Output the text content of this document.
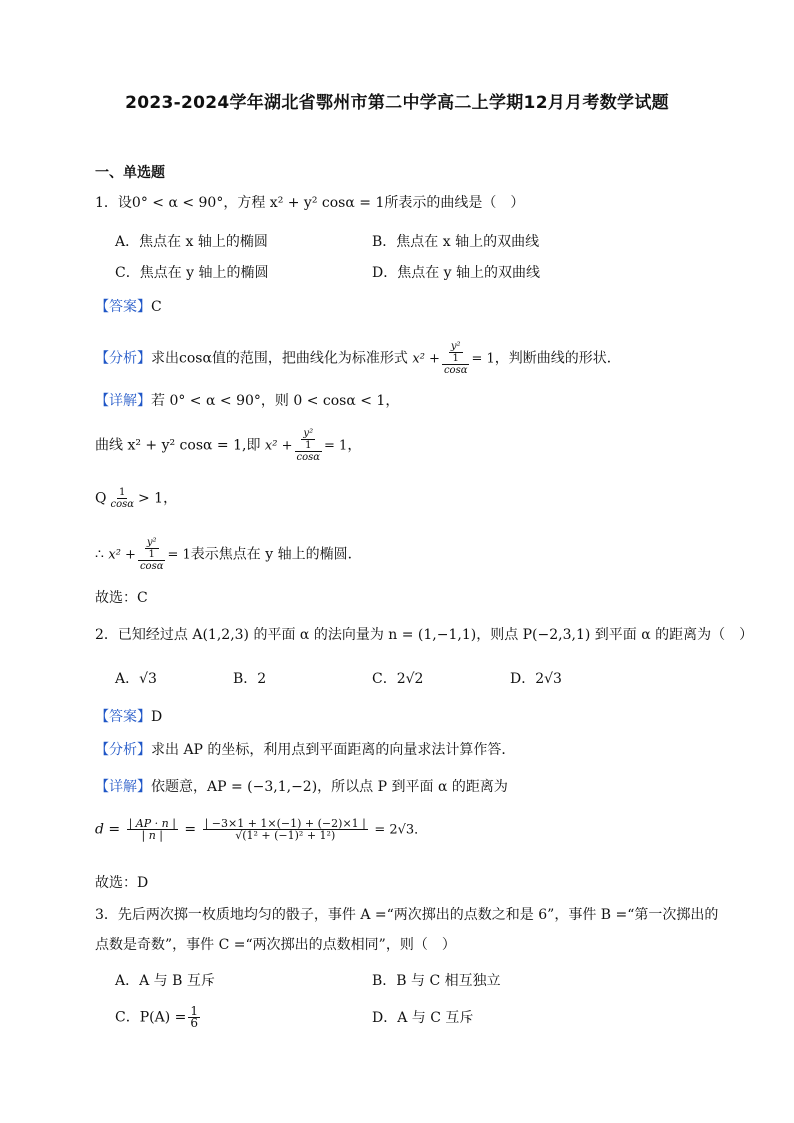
2023-2024学年湖北省鄂州市第二中学高二上学期12月月考数学试题
一、单选题
1．设0° < α < 90°，方程 x² + y² cosα = 1所表示的曲线是（　）
A．焦点在 x 轴上的椭圆	B．焦点在 x 轴上的双曲线
C．焦点在 y 轴上的椭圆	D．焦点在 y 轴上的双曲线
【答案】C
【分析】求出cosα值的范围，把曲线化为标准形式 x² +
y²
1
cosα
= 1，判断曲线的形状．
【详解】若 0° < α < 90°，则 0 < cosα < 1，
曲线 x² + y² cosα = 1,即 x² +
y²
1
cosα
= 1，
Q $\frac{1}{\cos\alpha} > 1$，
∴ x² +
y²
1
cosα
= 1表示焦点在 y 轴上的椭圆．
故选：C
2．已知经过点 A(1,2,3) 的平面 α 的法向量为 n = (1,−1,1)，则点 P(−2,3,1) 到平面 α 的距离为（　）
A．√3	B．2	C．2√2	D．2√3
【答案】D
【分析】求出 AP 的坐标，利用点到平面距离的向量求法计算作答．
【详解】依题意，AP = (−3,1,−2)，所以点 P 到平面 α 的距离为
$d = \frac{| AP \cdot n |}{| n |} = \frac{| -3\times 1 + 1\times(-1) + (-2)\times 1 |}{\text{√(1² + (−1)² + 1²)}} = 2√3$．
故选：D
3．先后两次掷一枚质地均匀的骰子，事件 A =“两次掷出的点数之和是 6”，事件 B =“第一次掷出的
点数是奇数”，事件 C =“两次掷出的点数相同”，则（　）
A．A 与 B 互斥	B．B 与 C 相互独立
C．$P(A) = \frac{1}{6}$	D．A 与 C 互斥
